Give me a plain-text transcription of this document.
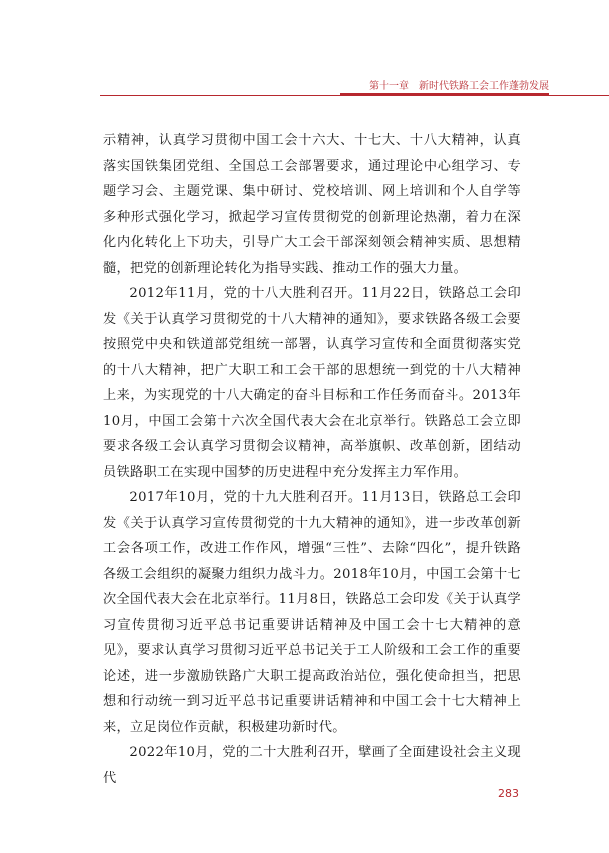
第十一章 新时代铁路工会工作蓬勃发展

示精神，认真学习贯彻中国工会十六大、十七大、十八大精神，认真落实国铁集团党组、全国总工会部署要求，通过理论中心组学习、专题学习会、主题党课、集中研讨、党校培训、网上培训和个人自学等多种形式强化学习，掀起学习宣传贯彻党的创新理论热潮，着力在深化内化转化上下功夫，引导广大工会干部深刻领会精神实质、思想精髓，把党的创新理论转化为指导实践、推动工作的强大力量。

2012年11月，党的十八大胜利召开。11月22日，铁路总工会印发《关于认真学习贯彻党的十八大精神的通知》，要求铁路各级工会要按照党中央和铁道部党组统一部署，认真学习宣传和全面贯彻落实党的十八大精神，把广大职工和工会干部的思想统一到党的十八大精神上来，为实现党的十八大确定的奋斗目标和工作任务而奋斗。2013年10月，中国工会第十六次全国代表大会在北京举行。铁路总工会立即要求各级工会认真学习贯彻会议精神，高举旗帜、改革创新，团结动员铁路职工在实现中国梦的历史进程中充分发挥主力军作用。

2017年10月，党的十九大胜利召开。11月13日，铁路总工会印发《关于认真学习宣传贯彻党的十九大精神的通知》，进一步改革创新工会各项工作，改进工作作风，增强“三性”、去除“四化”，提升铁路各级工会组织的凝聚力组织力战斗力。2018年10月，中国工会第十七次全国代表大会在北京举行。11月8日，铁路总工会印发《关于认真学习宣传贯彻习近平总书记重要讲话精神及中国工会十七大精神的意见》，要求认真学习贯彻习近平总书记关于工人阶级和工会工作的重要论述，进一步激励铁路广大职工提高政治站位，强化使命担当，把思想和行动统一到习近平总书记重要讲话精神和中国工会十七大精神上来，立足岗位作贡献，积极建功新时代。

2022年10月，党的二十大胜利召开，擘画了全面建设社会主义现代

283
